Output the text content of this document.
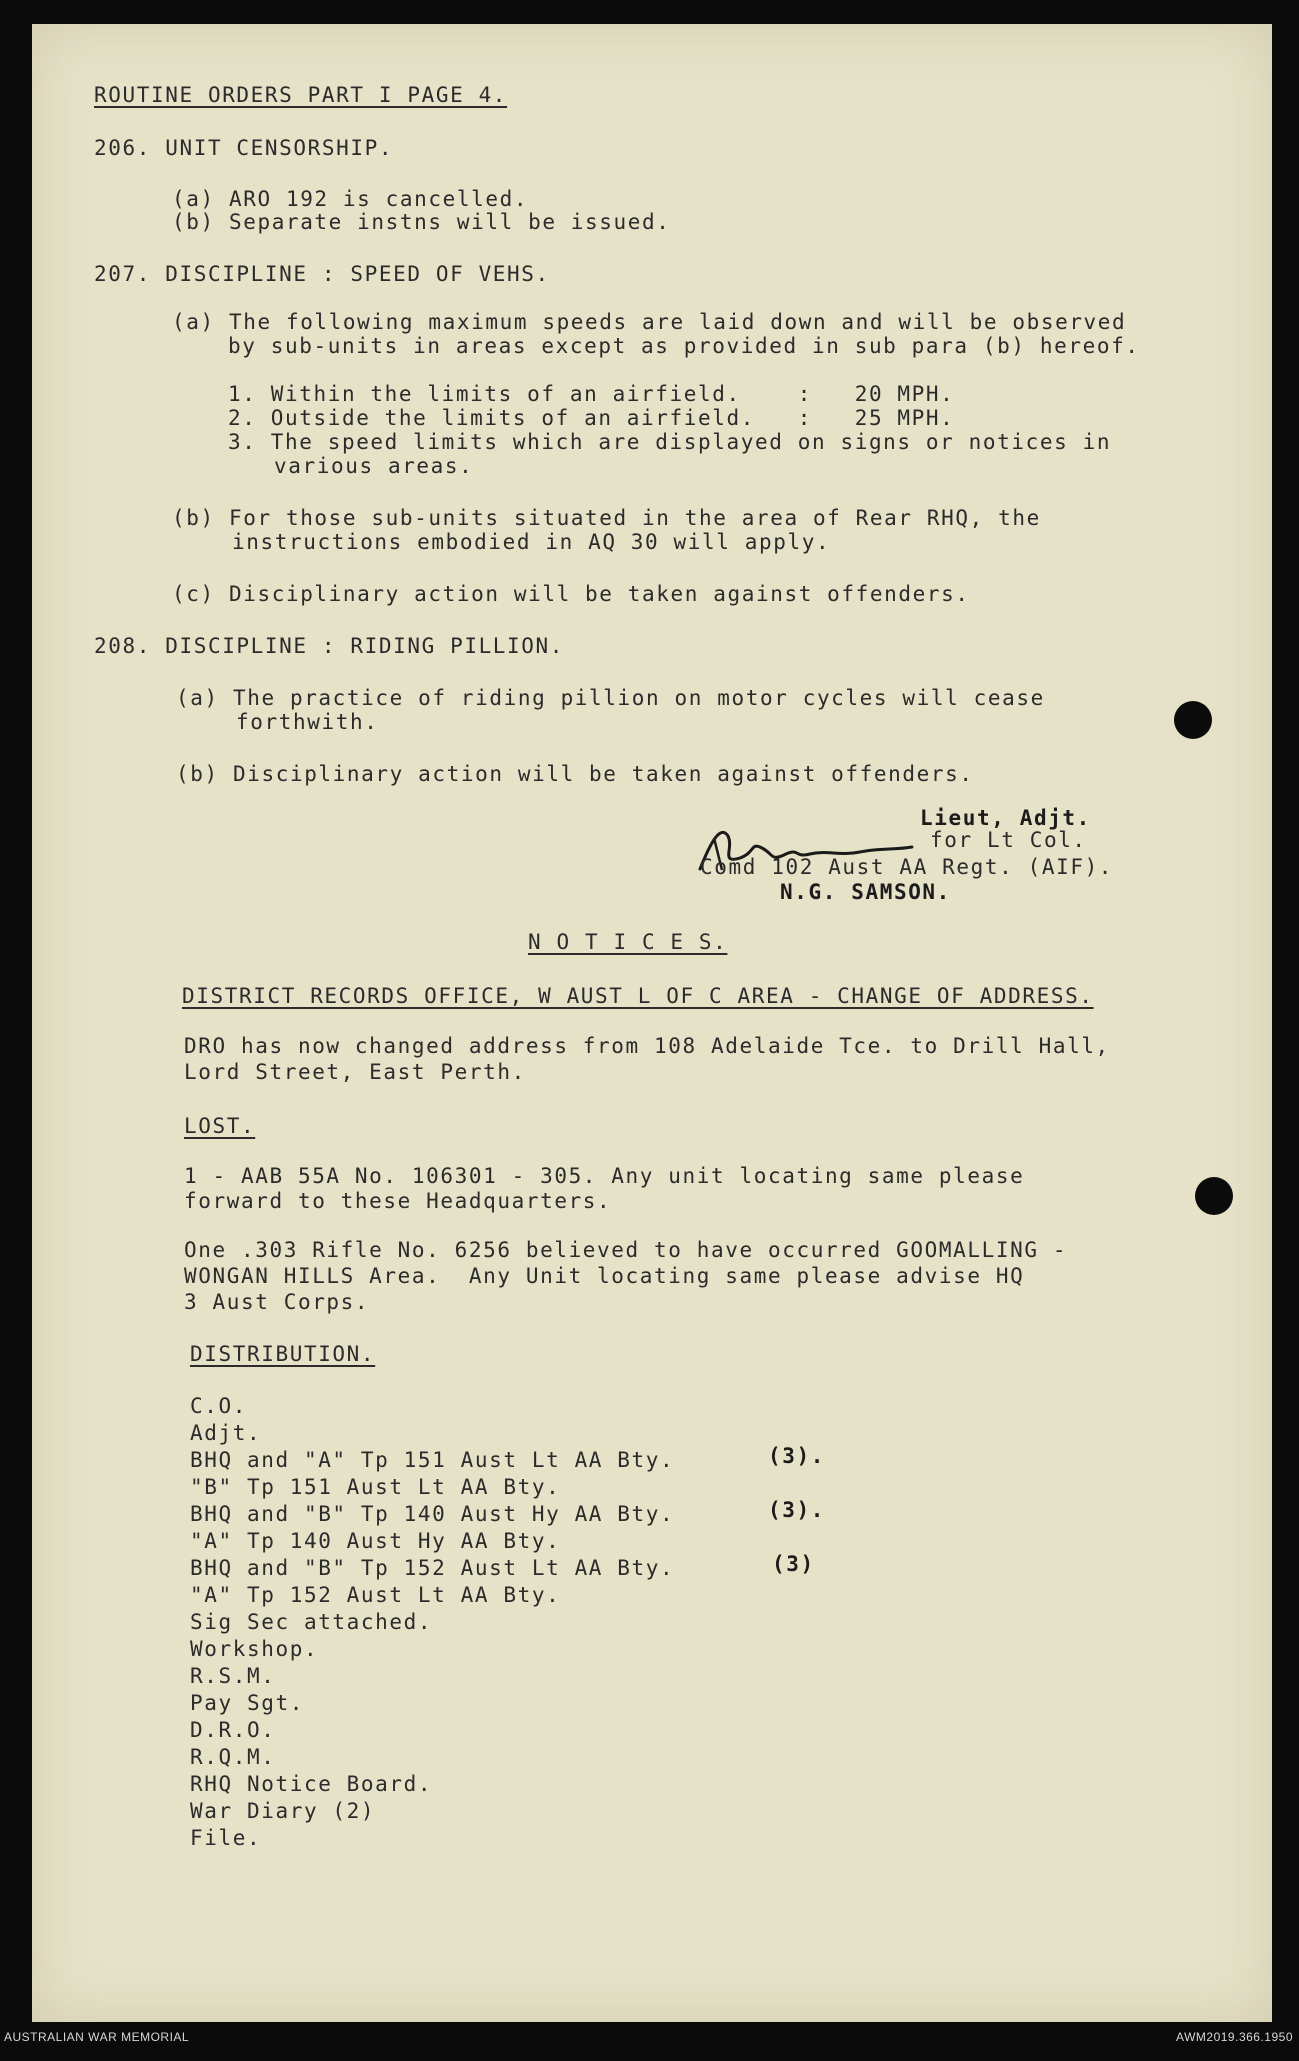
ROUTINE ORDERS PART I PAGE 4.
206. UNIT CENSORSHIP.
(a) ARO 192 is cancelled.
(b) Separate instns will be issued.
207. DISCIPLINE : SPEED OF VEHS.
(a) The following maximum speeds are laid down and will be observed
by sub-units in areas except as provided in sub para (b) hereof.
1. Within the limits of an airfield.    :   20 MPH.
2. Outside the limits of an airfield.   :   25 MPH.
3. The speed limits which are displayed on signs or notices in
various areas.
(b) For those sub-units situated in the area of Rear RHQ, the
instructions embodied in AQ 30 will apply.
(c) Disciplinary action will be taken against offenders.
208. DISCIPLINE : RIDING PILLION.
(a) The practice of riding pillion on motor cycles will cease
forthwith.
(b) Disciplinary action will be taken against offenders.
Lieut, Adjt.
for Lt Col.
Comd 102 Aust AA Regt. (AIF).
N.G. SAMSON.
N O T I C E S.
DISTRICT RECORDS OFFICE, W AUST L OF C AREA - CHANGE OF ADDRESS.
DRO has now changed address from 108 Adelaide Tce. to Drill Hall,
Lord Street, East Perth.
LOST.
1 - AAB 55A No. 106301 - 305. Any unit locating same please
forward to these Headquarters.
One .303 Rifle No. 6256 believed to have occurred GOOMALLING -
WONGAN HILLS Area.  Any Unit locating same please advise HQ
3 Aust Corps.
DISTRIBUTION.
C.O.
Adjt.
BHQ and "A" Tp 151 Aust Lt AA Bty.
"B" Tp 151 Aust Lt AA Bty.
BHQ and "B" Tp 140 Aust Hy AA Bty.
"A" Tp 140 Aust Hy AA Bty.
BHQ and "B" Tp 152 Aust Lt AA Bty.
"A" Tp 152 Aust Lt AA Bty.
Sig Sec attached.
Workshop.
R.S.M.
Pay Sgt.
D.R.O.
R.Q.M.
RHQ Notice Board.
War Diary (2)
File.
(3).
(3).
(3)
AUSTRALIAN WAR MEMORIAL	AWM2019.366.1950
